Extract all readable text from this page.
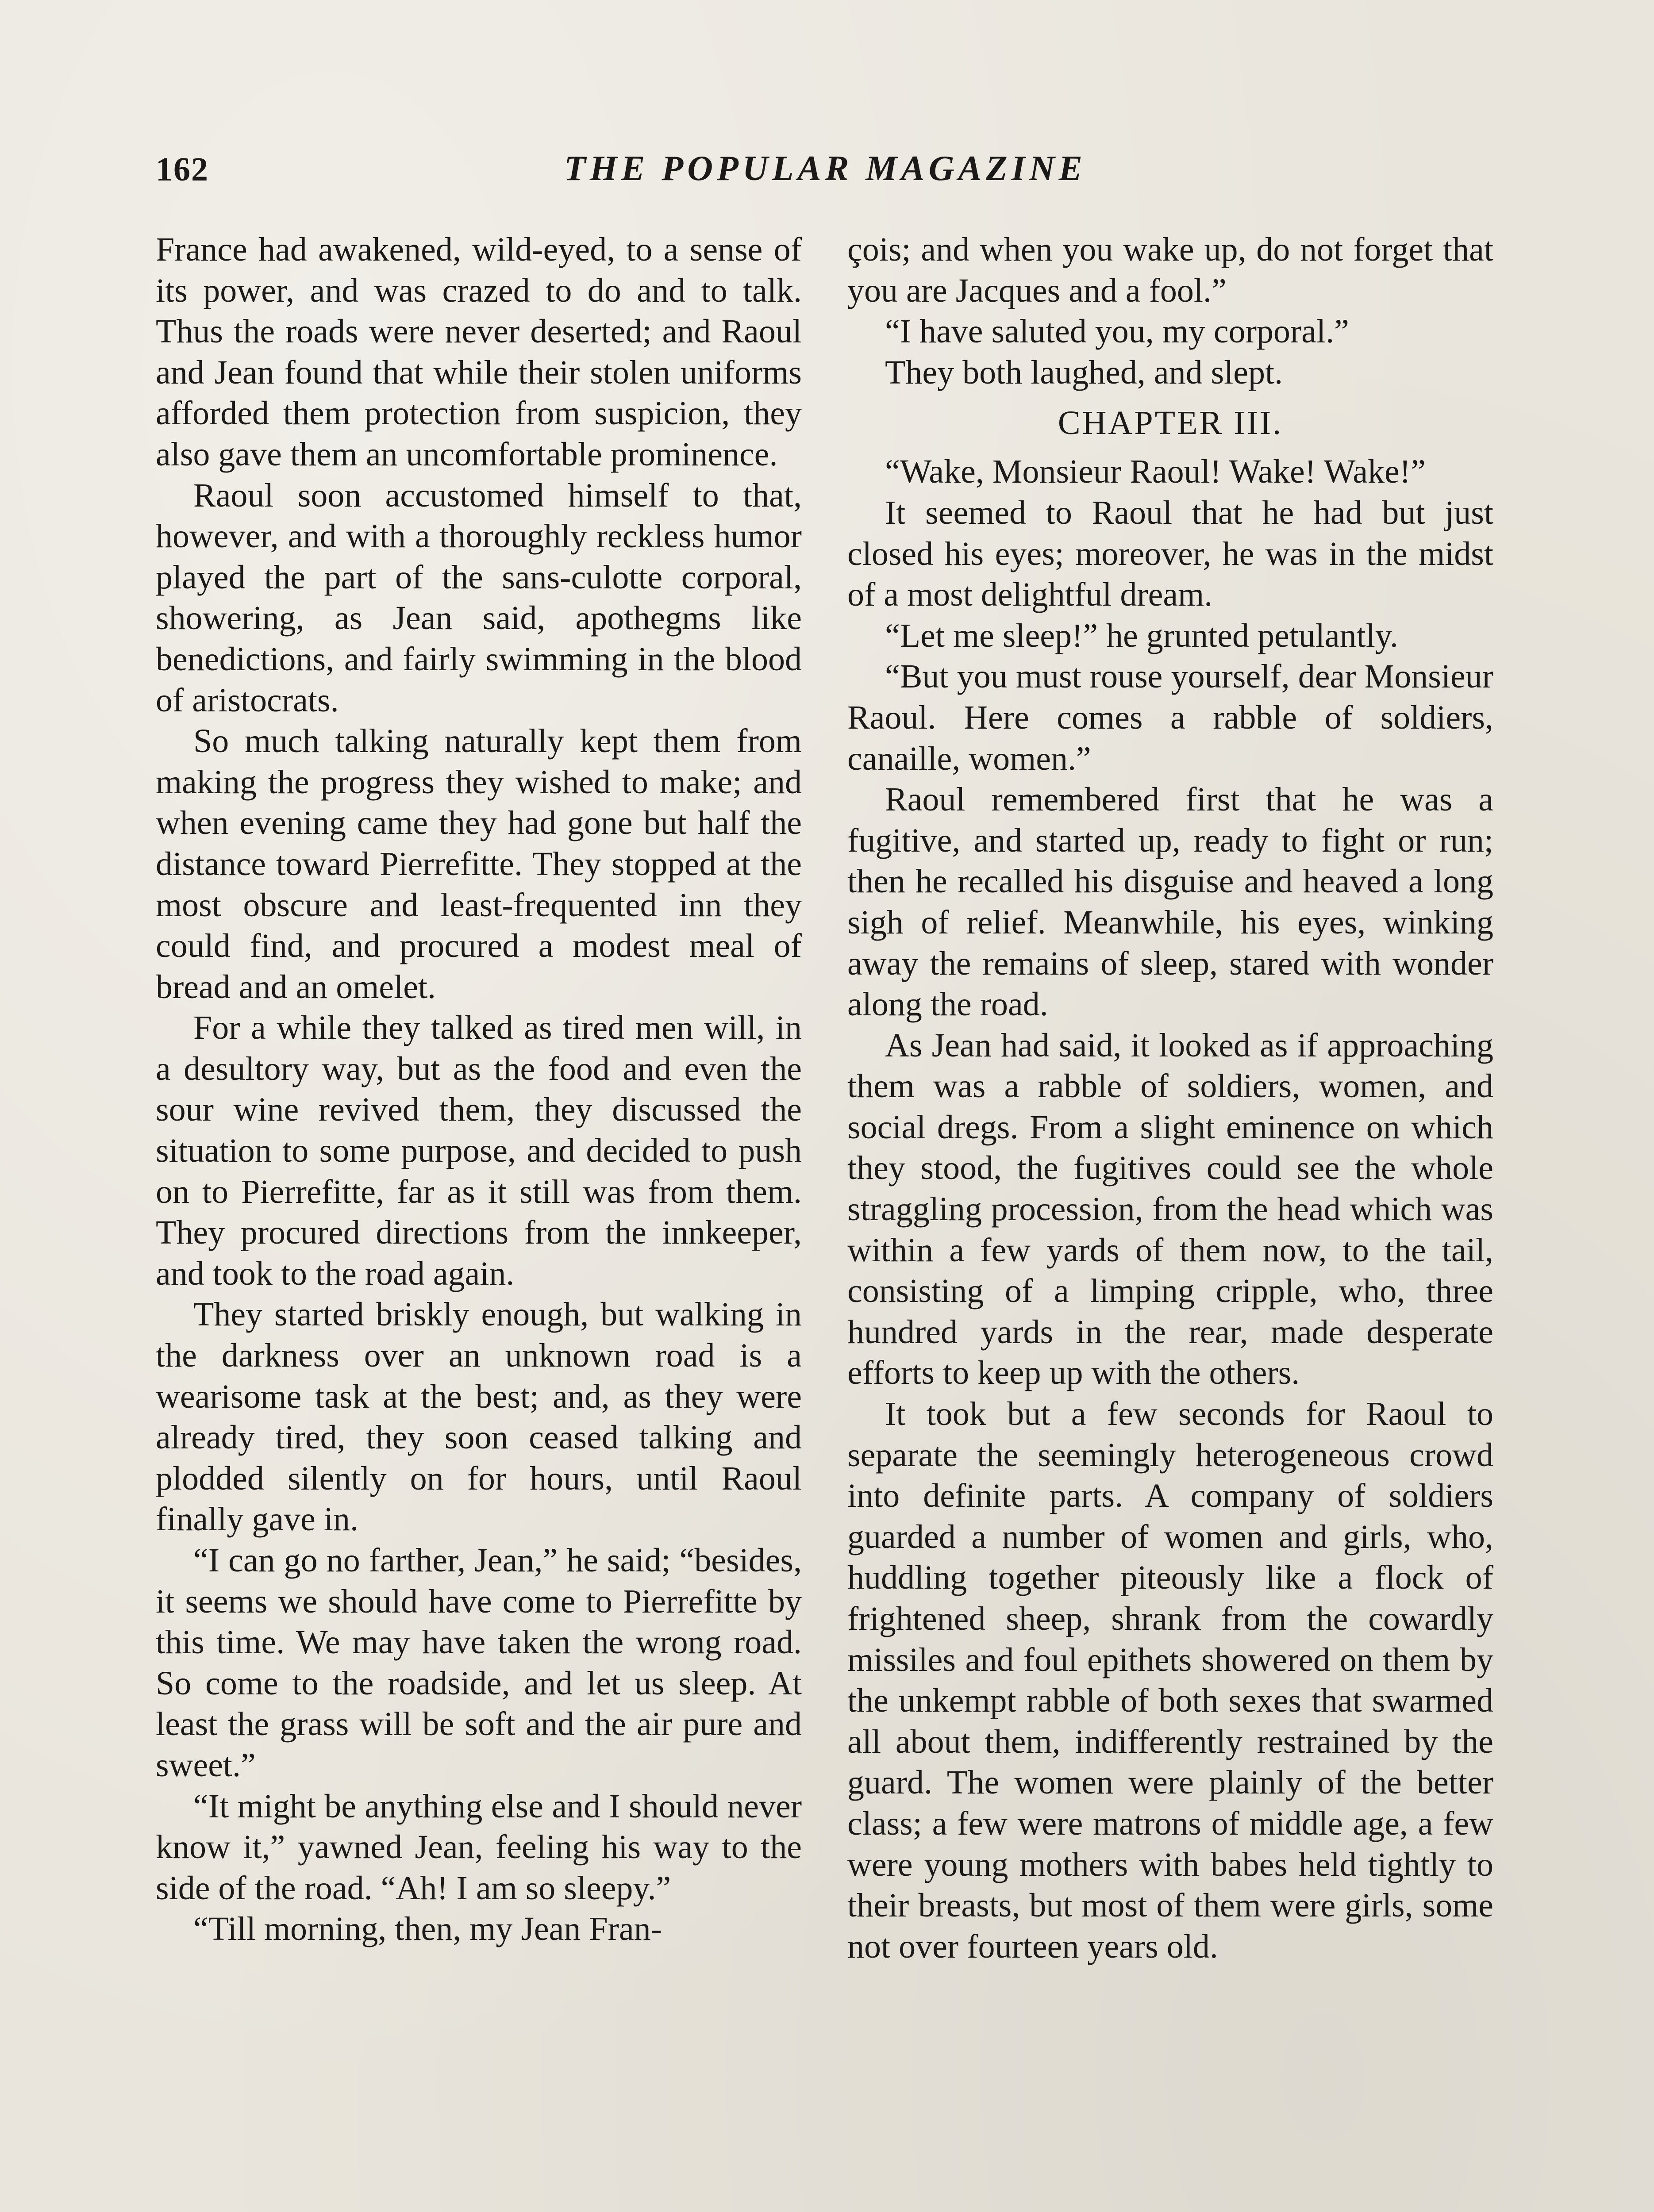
162	THE POPULAR MAGAZINE

France had awakened, wild-eyed, to a sense of its power, and was crazed to do and to talk. Thus the roads were never deserted; and Raoul and Jean found that while their stolen uniforms afforded them protection from suspicion, they also gave them an uncomfortable prominence.

Raoul soon accustomed himself to that, however, and with a thoroughly reckless humor played the part of the sans-culotte corporal, showering, as Jean said, apothegms like benedictions, and fairly swimming in the blood of aristocrats.

So much talking naturally kept them from making the progress they wished to make; and when evening came they had gone but half the distance toward Pierrefitte. They stopped at the most obscure and least-frequented inn they could find, and procured a modest meal of bread and an omelet.

For a while they talked as tired men will, in a desultory way, but as the food and even the sour wine revived them, they discussed the situation to some purpose, and decided to push on to Pierrefitte, far as it still was from them. They procured directions from the innkeeper, and took to the road again.

They started briskly enough, but walking in the darkness over an unknown road is a wearisome task at the best; and, as they were already tired, they soon ceased talking and plodded silently on for hours, until Raoul finally gave in.

“I can go no farther, Jean,” he said; “besides, it seems we should have come to Pierrefitte by this time. We may have taken the wrong road. So come to the roadside, and let us sleep. At least the grass will be soft and the air pure and sweet.”

“It might be anything else and I should never know it,” yawned Jean, feeling his way to the side of the road. “Ah! I am so sleepy.”

“Till morning, then, my Jean Fran-

çois; and when you wake up, do not forget that you are Jacques and a fool.”

“I have saluted you, my corporal.”

They both laughed, and slept.

CHAPTER III.

“Wake, Monsieur Raoul! Wake! Wake!”

It seemed to Raoul that he had but just closed his eyes; moreover, he was in the midst of a most delightful dream.

“Let me sleep!” he grunted petulantly.

“But you must rouse yourself, dear Monsieur Raoul. Here comes a rabble of soldiers, canaille, women.”

Raoul remembered first that he was a fugitive, and started up, ready to fight or run; then he recalled his disguise and heaved a long sigh of relief. Meanwhile, his eyes, winking away the remains of sleep, stared with wonder along the road.

As Jean had said, it looked as if approaching them was a rabble of soldiers, women, and social dregs. From a slight eminence on which they stood, the fugitives could see the whole straggling procession, from the head which was within a few yards of them now, to the tail, consisting of a limping cripple, who, three hundred yards in the rear, made desperate efforts to keep up with the others.

It took but a few seconds for Raoul to separate the seemingly heterogeneous crowd into definite parts. A company of soldiers guarded a number of women and girls, who, huddling together piteously like a flock of frightened sheep, shrank from the cowardly missiles and foul epithets showered on them by the unkempt rabble of both sexes that swarmed all about them, indifferently restrained by the guard. The women were plainly of the better class; a few were matrons of middle age, a few were young mothers with babes held tightly to their breasts, but most of them were girls, some not over fourteen years old.
